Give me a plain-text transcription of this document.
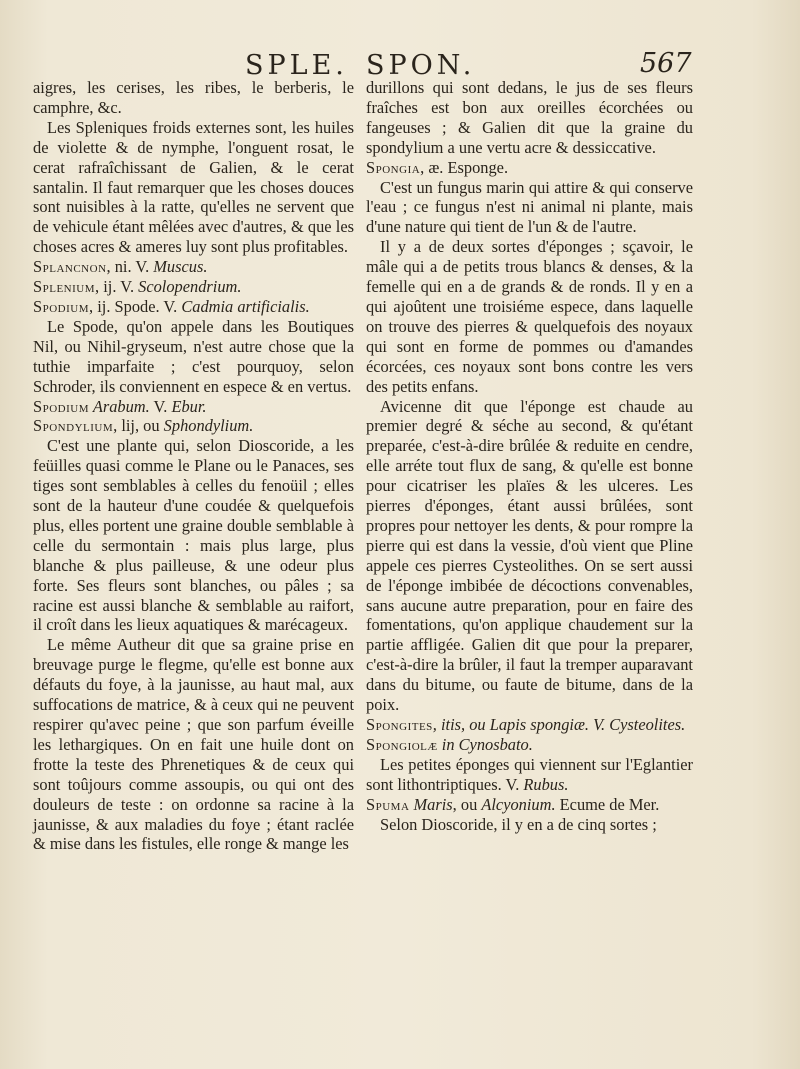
SPLE. SPON.	567

aigres, les cerises, les ribes, le berberis, le camphre, &c.

Les Spleniques froids externes sont, les huiles de violette & de nymphe, l'onguent rosat, le cerat rafraîchissant de Galien, & le cerat santalin. Il faut remarquer que les choses douces sont nuisibles à la ratte, qu'elles ne servent que de vehicule étant mêlées avec d'autres, & que les choses acres & ameres luy sont plus profitables.

Splancnon, ni. V. Muscus.

Splenium, ij. V. Scolopendrium.

Spodium, ij. Spode. V. Cadmia artificialis.

Le Spode, qu'on appele dans les Boutiques Nil, ou Nihil-gryseum, n'est autre chose que la tuthie imparfaite ; c'est pourquoy, selon Schroder, ils conviennent en espece & en vertus.

Spodium Arabum. V. Ebur.

Spondylium, lij, ou Sphondylium.

C'est une plante qui, selon Dioscoride, a les feüilles quasi comme le Plane ou le Panaces, ses tiges sont semblables à celles du fenoüil ; elles sont de la hauteur d'une coudée & quelquefois plus, elles portent une graine double semblable à celle du sermontain : mais plus large, plus blanche & plus pailleuse, & une odeur plus forte. Ses fleurs sont blanches, ou pâles ; sa racine est aussi blanche & semblable au raifort, il croît dans les lieux aquatiques & marécageux.

Le même Autheur dit que sa graine prise en breuvage purge le flegme, qu'elle est bonne aux défauts du foye, à la jaunisse, au haut mal, aux suffocations de matrice, & à ceux qui ne peuvent respirer qu'avec peine ; que son parfum éveille les lethargiques. On en fait une huile dont on frotte la teste des Phrenetiques & de ceux qui sont toûjours comme assoupis, ou qui ont des douleurs de teste : on ordonne sa racine à la jaunisse, & aux maladies du foye ; étant raclée & mise dans les fistules, elle ronge & mange les

durillons qui sont dedans, le jus de ses fleurs fraîches est bon aux oreilles écorchées ou fangeuses ; & Galien dit que la graine du spondylium a une vertu acre & dessiccative.

Spongia, æ. Esponge.

C'est un fungus marin qui attire & qui conserve l'eau ; ce fungus n'est ni animal ni plante, mais d'une nature qui tient de l'un & de l'autre.

Il y a de deux sortes d'éponges ; sçavoir, le mâle qui a de petits trous blancs & denses, & la femelle qui en a de grands & de ronds. Il y en a qui ajoûtent une troisiéme espece, dans laquelle on trouve des pierres & quelquefois des noyaux qui sont en forme de pommes ou d'amandes écorcées, ces noyaux sont bons contre les vers des petits enfans.

Avicenne dit que l'éponge est chaude au premier degré & séche au second, & qu'étant preparée, c'est-à-dire brûlée & reduite en cendre, elle arréte tout flux de sang, & qu'elle est bonne pour cicatriser les plaïes & les ulceres. Les pierres d'éponges, étant aussi brûlées, sont propres pour nettoyer les dents, & pour rompre la pierre qui est dans la vessie, d'où vient que Pline appele ces pierres Cysteolithes. On se sert aussi de l'éponge imbibée de décoctions convenables, sans aucune autre preparation, pour en faire des fomentations, qu'on applique chaudement sur la partie affligée. Galien dit que pour la preparer, c'est-à-dire la brûler, il faut la tremper auparavant dans du bitume, ou faute de bitume, dans de la poix.

Spongites, itis, ou Lapis spongiæ. V. Cysteolites.

Spongiolæ in Cynosbato.

Les petites éponges qui viennent sur l'Eglantier sont lithontriptiques. V. Rubus.

Spuma Maris, ou Alcyonium. Ecume de Mer.

Selon Dioscoride, il y en a de cinq sortes ;
